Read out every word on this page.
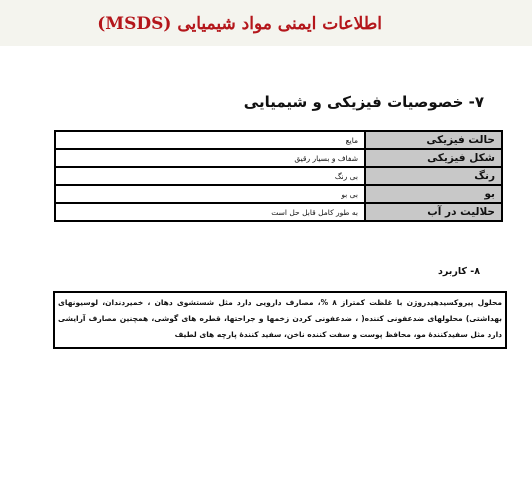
اطلاعات ایمنی مواد شیمیایی (MSDS)
۷- خصوصیات فیزیکی و شیمیایی
حالت فیزیکی	مایع
شکل فیزیکی	شفاف و بسیار رقیق
رنگ	بی رنگ
بو	بی بو
حلالیت در آب	به طور کامل قابل حل است
۸- کاربرد
محلول پیروکسیدهیدروژن با غلظت کمتراز ۸ %، مصارف دارویی دارد مثل شستشوی دهان ، خمیردندان، لوسیونهای بهداشتی) محلولهای ضدعفونی کننده( ، ضدعفونی کردن زخمها و جراحتها، قطره های گوشی، همچنین مصارف آرایشی دارد مثل سفیدکنندۀ مو، محافظ پوست و سفت کننده ناخن، سفید کنندۀ پارچه های لطیف
